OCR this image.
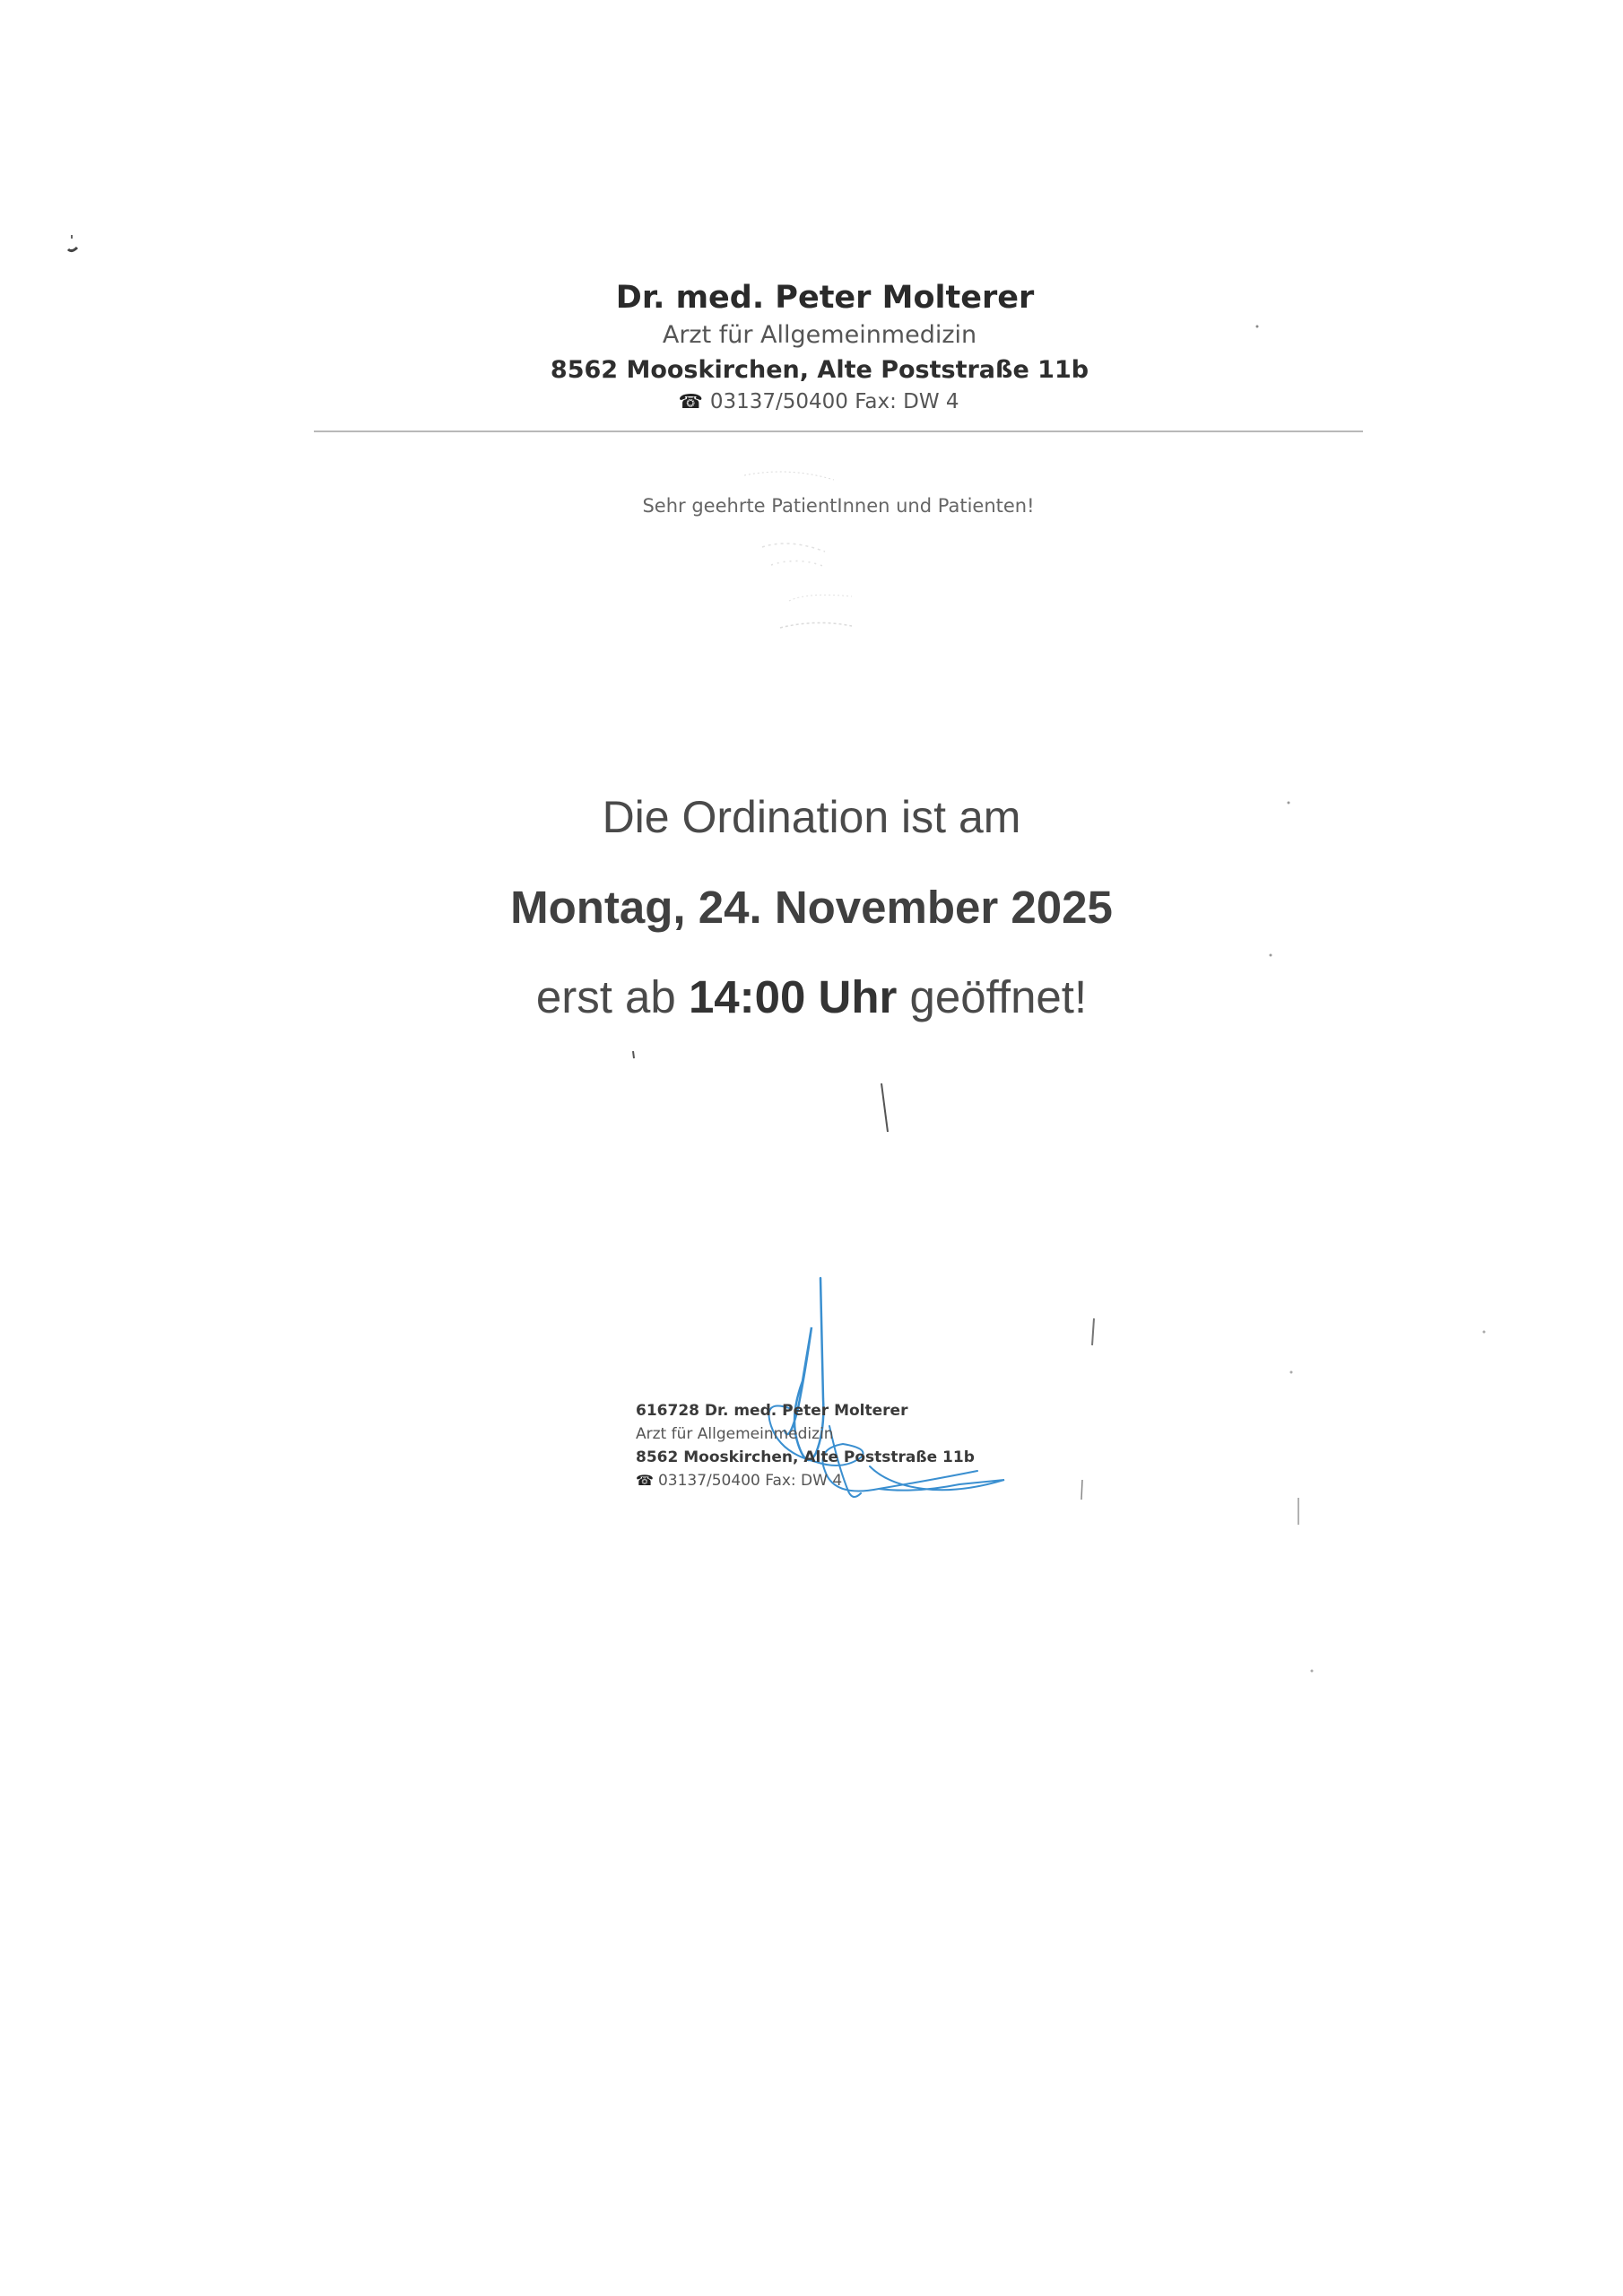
Dr. med. Peter Molterer
Arzt für Allgemeinmedizin
8562 Mooskirchen, Alte Poststraße 11b
☎ 03137/50400 Fax: DW 4
Sehr geehrte PatientInnen und Patienten!
Die Ordination ist am
Montag, 24. November 2025
erst ab 14:00 Uhr geöffnet!
616728 Dr. med. Peter Molterer
Arzt für Allgemeinmedizin
8562 Mooskirchen, Alte Poststraße 11b
☎ 03137/50400 Fax: DW 4
